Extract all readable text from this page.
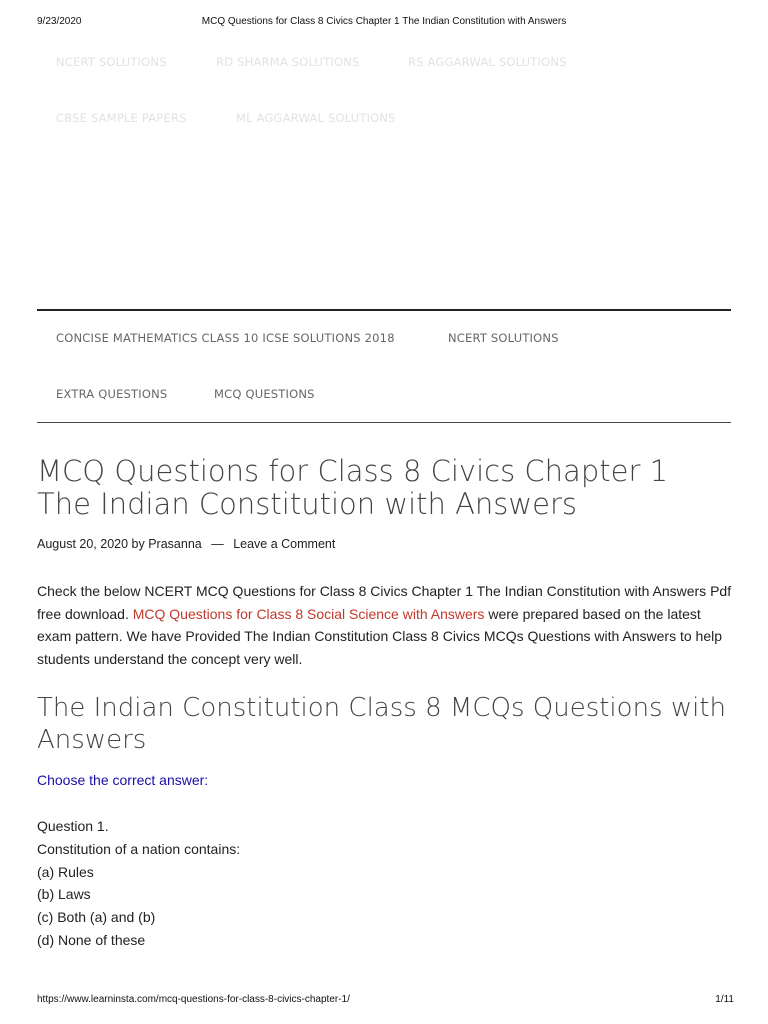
9/23/2020	MCQ Questions for Class 8 Civics Chapter 1 The Indian Constitution with Answers
NCERT SOLUTIONS	RD SHARMA SOLUTIONS	RS AGGARWAL SOLUTIONS
CBSE SAMPLE PAPERS	ML AGGARWAL SOLUTIONS
CONCISE MATHEMATICS CLASS 10 ICSE SOLUTIONS 2018	NCERT SOLUTIONS
EXTRA QUESTIONS	MCQ QUESTIONS
MCQ Questions for Class 8 Civics Chapter 1
The Indian Constitution with Answers
August 20, 2020 by Prasanna — Leave a Comment

Check the below NCERT MCQ Questions for Class 8 Civics Chapter 1 The Indian Constitution with Answers Pdf free download. MCQ Questions for Class 8 Social Science with Answers were prepared based on the latest exam pattern. We have Provided The Indian Constitution Class 8 Civics MCQs Questions with Answers to help students understand the concept very well.

The Indian Constitution Class 8 MCQs Questions with
Answers
Choose the correct answer:
Question 1.
Constitution of a nation contains:
(a) Rules
(b) Laws
(c) Both (a) and (b)
(d) None of these
https://www.learninsta.com/mcq-questions-for-class-8-civics-chapter-1/	1/11
